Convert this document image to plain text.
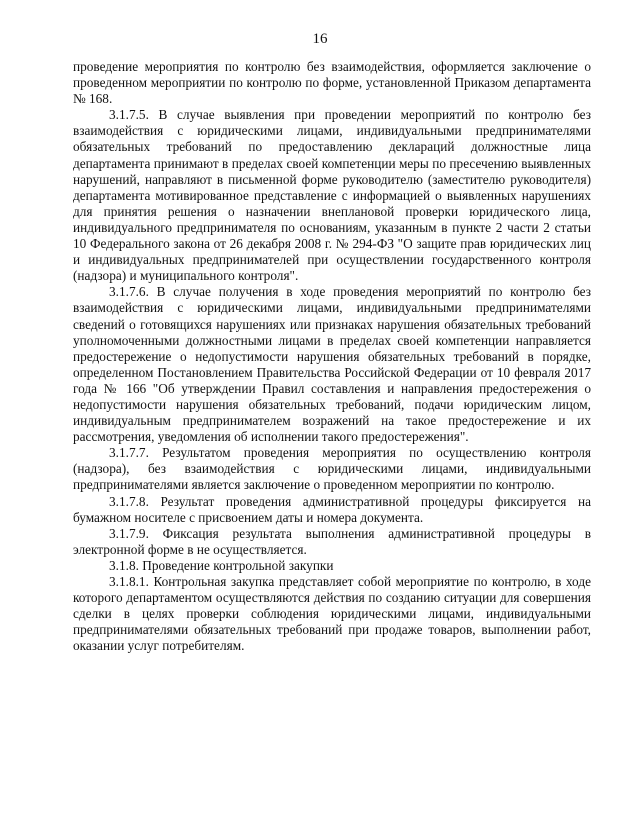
16

проведение мероприятия по контролю без взаимодействия, оформляется заключение о проведенном мероприятии по контролю по форме, установленной Приказом департамента № 168.

3.1.7.5. В случае выявления при проведении мероприятий по контролю без взаимодействия с юридическими лицами, индивидуальными предпринимателями обязательных требований по предоставлению деклараций должностные лица департамента принимают в пределах своей компетенции меры по пресечению выявленных нарушений, направляют в письменной форме руководителю (заместителю руководителя) департамента мотивированное представление с информацией о выявленных нарушениях для принятия решения о назначении внеплановой проверки юридического лица, индивидуального предпринимателя по основаниям, указанным в пункте 2 части 2 статьи 10 Федерального закона от 26 декабря 2008 г. № 294-ФЗ "О защите прав юридических лиц и индивидуальных предпринимателей при осуществлении государственного контроля (надзора) и муниципального контроля".

3.1.7.6. В случае получения в ходе проведения мероприятий по контролю без взаимодействия с юридическими лицами, индивидуальными предпринимателями сведений о готовящихся нарушениях или признаках нарушения обязательных требований уполномоченными должностными лицами в пределах своей компетенции направляется предостережение о недопустимости нарушения обязательных требований в порядке, определенном Постановлением Правительства Российской Федерации от 10 февраля 2017 года № 166 "Об утверждении Правил составления и направления предостережения о недопустимости нарушения обязательных требований, подачи юридическим лицом, индивидуальным предпринимателем возражений на такое предостережение и их рассмотрения, уведомления об исполнении такого предостережения".

3.1.7.7. Результатом проведения мероприятия по осуществлению контроля (надзора), без взаимодействия с юридическими лицами, индивидуальными предпринимателями является заключение о проведенном мероприятии по контролю.

3.1.7.8. Результат проведения административной процедуры фиксируется на бумажном носителе с присвоением даты и номера документа.

3.1.7.9. Фиксация результата выполнения административной процедуры в электронной форме в не осуществляется.

3.1.8. Проведение контрольной закупки

3.1.8.1. Контрольная закупка представляет собой мероприятие по контролю, в ходе которого департаментом осуществляются действия по созданию ситуации для совершения сделки в целях проверки соблюдения юридическими лицами, индивидуальными предпринимателями обязательных требований при продаже товаров, выполнении работ, оказании услуг потребителям.
